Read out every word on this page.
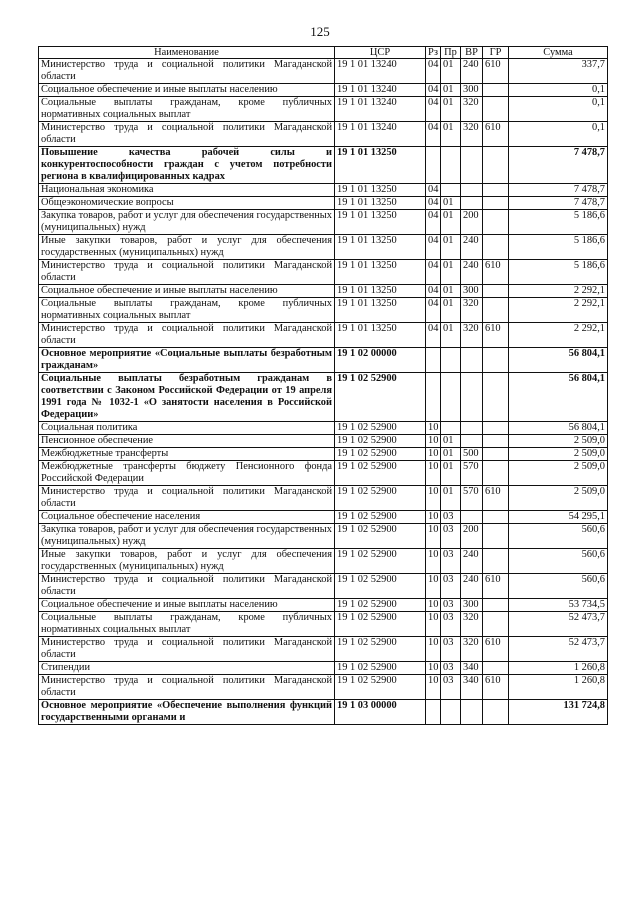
125
Наименование	ЦСР	Рз	Пр	ВР	ГР	Сумма
Министерство труда и социальной политики Магаданской области	19 1 01 13240	04	01	240	610	337,7
Социальное обеспечение и иные выплаты населению	19 1 01 13240	04	01	300		0,1
Социальные выплаты гражданам, кроме публичных нормативных социальных выплат	19 1 01 13240	04	01	320		0,1
Министерство труда и социальной политики Магаданской области	19 1 01 13240	04	01	320	610	0,1
Повышение качества рабочей силы и конкурентоспособности граждан с учетом потребности региона в квалифицированных кадрах	19 1 01 13250					7 478,7
Национальная экономика	19 1 01 13250	04				7 478,7
Общеэкономические вопросы	19 1 01 13250	04	01			7 478,7
Закупка товаров, работ и услуг для обеспечения государственных (муниципальных) нужд	19 1 01 13250	04	01	200		5 186,6
Иные закупки товаров, работ и услуг для обеспечения государственных (муниципальных) нужд	19 1 01 13250	04	01	240		5 186,6
Министерство труда и социальной политики Магаданской области	19 1 01 13250	04	01	240	610	5 186,6
Социальное обеспечение и иные выплаты населению	19 1 01 13250	04	01	300		2 292,1
Социальные выплаты гражданам, кроме публичных нормативных социальных выплат	19 1 01 13250	04	01	320		2 292,1
Министерство труда и социальной политики Магаданской области	19 1 01 13250	04	01	320	610	2 292,1
Основное мероприятие «Социальные выплаты безработным гражданам»	19 1 02 00000					56 804,1
Социальные выплаты безработным гражданам в соответствии с Законом Российской Федерации от 19 апреля 1991 года № 1032-1 «О занятости населения в Российской Федерации»	19 1 02 52900					56 804,1
Социальная политика	19 1 02 52900	10				56 804,1
Пенсионное обеспечение	19 1 02 52900	10	01			2 509,0
Межбюджетные трансферты	19 1 02 52900	10	01	500		2 509,0
Межбюджетные трансферты бюджету Пенсионного фонда Российской Федерации	19 1 02 52900	10	01	570		2 509,0
Министерство труда и социальной политики Магаданской области	19 1 02 52900	10	01	570	610	2 509,0
Социальное обеспечение населения	19 1 02 52900	10	03			54 295,1
Закупка товаров, работ и услуг для обеспечения государственных (муниципальных) нужд	19 1 02 52900	10	03	200		560,6
Иные закупки товаров, работ и услуг для обеспечения государственных (муниципальных) нужд	19 1 02 52900	10	03	240		560,6
Министерство труда и социальной политики Магаданской области	19 1 02 52900	10	03	240	610	560,6
Социальное обеспечение и иные выплаты населению	19 1 02 52900	10	03	300		53 734,5
Социальные выплаты гражданам, кроме публичных нормативных социальных выплат	19 1 02 52900	10	03	320		52 473,7
Министерство труда и социальной политики Магаданской области	19 1 02 52900	10	03	320	610	52 473,7
Стипендии	19 1 02 52900	10	03	340		1 260,8
Министерство труда и социальной политики Магаданской области	19 1 02 52900	10	03	340	610	1 260,8
Основное мероприятие «Обеспечение выполнения функций государственными органами и	19 1 03 00000					131 724,8
